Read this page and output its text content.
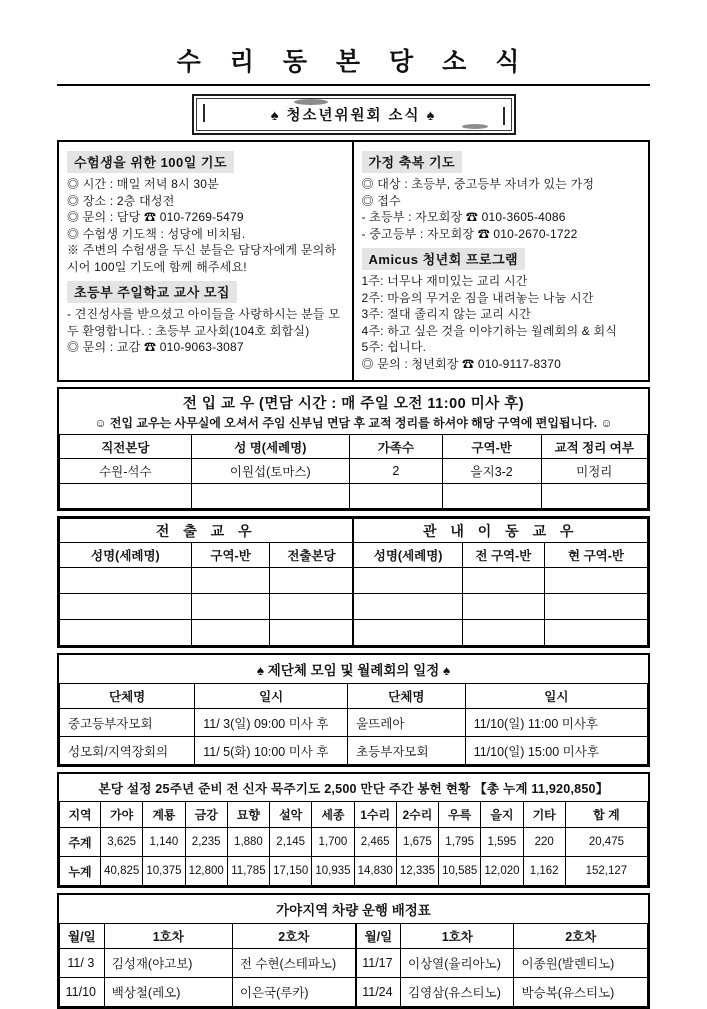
수 리 동 본 당 소 식
♠ 청소년위원회 소식 ♠
수험생을 위한 100일 기도
◎ 시간 : 매일 저녁 8시 30분
◎ 장소 : 2층 대성전
◎ 문의 : 담당 ☎ 010-7269-5479
◎ 수험생 기도책 : 성당에 비치됨.
※ 주변의 수험생을 두신 분들은 담당자에게 문의하시어 100일 기도에 함께 해주세요!
초등부 주일학교 교사 모집
- 견진성사를 받으셨고 아이들을 사랑하시는 분들 모두 환영합니다. : 초등부 교사회(104호 회합실)
◎ 문의 : 교감 ☎ 010-9063-3087
가정 축복 기도
◎ 대상 : 초등부, 중고등부 자녀가 있는 가정
◎ 접수
- 초등부 : 자모회장 ☎ 010-3605-4086
- 중고등부 : 자모회장 ☎ 010-2670-1722
Amicus 청년회 프로그램
1주: 너무나 재미있는 교리 시간
2주: 마음의 무거운 짐을 내려놓는 나눔 시간
3주: 절대 졸리지 않는 교리 시간
4주: 하고 싶은 것을 이야기하는 월례회의 & 회식
5주: 쉽니다.
◎ 문의 : 청년회장 ☎ 010-9117-8370
전 입 교 우 (면담 시간 : 매 주일 오전 11:00 미사 후)
☺ 전입 교우는 사무실에 오셔서 주임 신부님 면담 후 교적 정리를 하셔야 해당 구역에 편입됩니다. ☺
직전본당	성 명(세례명)	가족수	구역-반	교적 정리 여부
수원-석수	이원섭(토마스)	2	을지3-2	미정리

전 출 교 우			관 내 이 동 교 우		
성명(세례명)	구역-반	전출본당	성명(세례명)	전 구역-반	현 구역-반

♠ 제단체 모임 및 월례회의 일정 ♠
단체명	일시	단체명	일시
중고등부자모회	11/ 3(일) 09:00 미사 후	울뜨레아	11/10(일) 11:00 미사후
성모회/지역장회의	11/ 5(화) 10:00 미사 후	초등부자모회	11/10(일) 15:00 미사후
본당 설정 25주년 준비 전 신자 묵주기도 2,500 만단 주간 봉헌 현황 【총 누계 11,920,850】
지역	가야	계룡	금강	묘향	설악	세종	1수리	2수리	우륵	을지	기타	합 계
주계	3,625	1,140	2,235	1,880	2,145	1,700	2,465	1,675	1,795	1,595	220	20,475
누계	40,825	10,375	12,800	11,785	17,150	10,935	14,830	12,335	10,585	12,020	1,162	152,127
가야지역 차량 운행 배정표
월/일	1호차	2호차	월/일	1호차	2호차
11/ 3	김성재(야고보)	전 수현(스테파노)	11/17	이상열(율리아노)	이종원(발렌티노)
11/10	백상철(레오)	이은국(루카)	11/24	김영삼(유스티노)	박승복(유스티노)
